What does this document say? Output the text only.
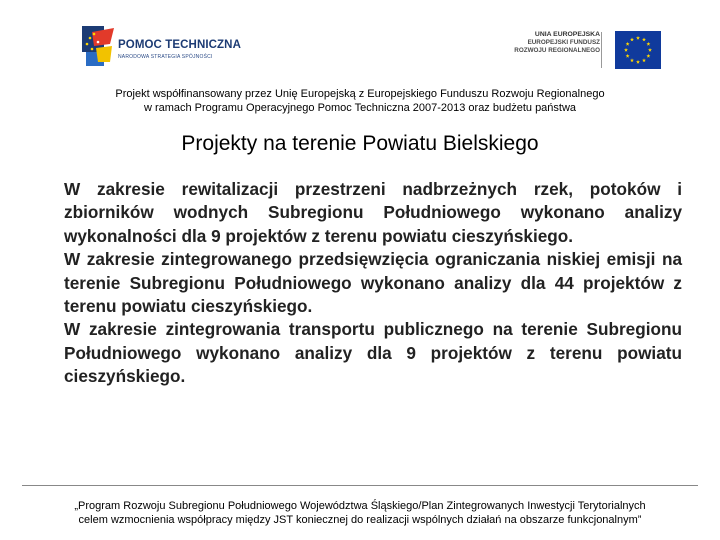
POMOC TECHNICZNA
NARODOWA STRATEGIA SPÓJNOŚCI
UNIA EUROPEJSKA
EUROPEJSKI FUNDUSZ
ROZWOJU REGIONALNEGO
Projekt współfinansowany przez Unię Europejską z Europejskiego Funduszu Rozwoju Regionalnego
w ramach Programu Operacyjnego Pomoc Techniczna 2007-2013 oraz budżetu państwa
Projekty na terenie Powiatu Bielskiego

W zakresie rewitalizacji przestrzeni nadbrzeżnych rzek, potoków i zbiorników wodnych Subregionu Południowego wykonano analizy wykonalności dla 9 projektów z terenu powiatu cieszyńskiego.

W zakresie zintegrowanego przedsięwzięcia ograniczania niskiej emisji na terenie Subregionu Południowego wykonano analizy dla 44 projektów z terenu powiatu cieszyńskiego.

W zakresie zintegrowania transportu publicznego na terenie Subregionu Południowego wykonano analizy dla 9 projektów z terenu powiatu cieszyńskiego.

„Program Rozwoju Subregionu Południowego Województwa Śląskiego/Plan Zintegrowanych Inwestycji Terytorialnych
celem wzmocnienia współpracy między JST koniecznej do realizacji wspólnych działań na obszarze funkcjonalnym”
